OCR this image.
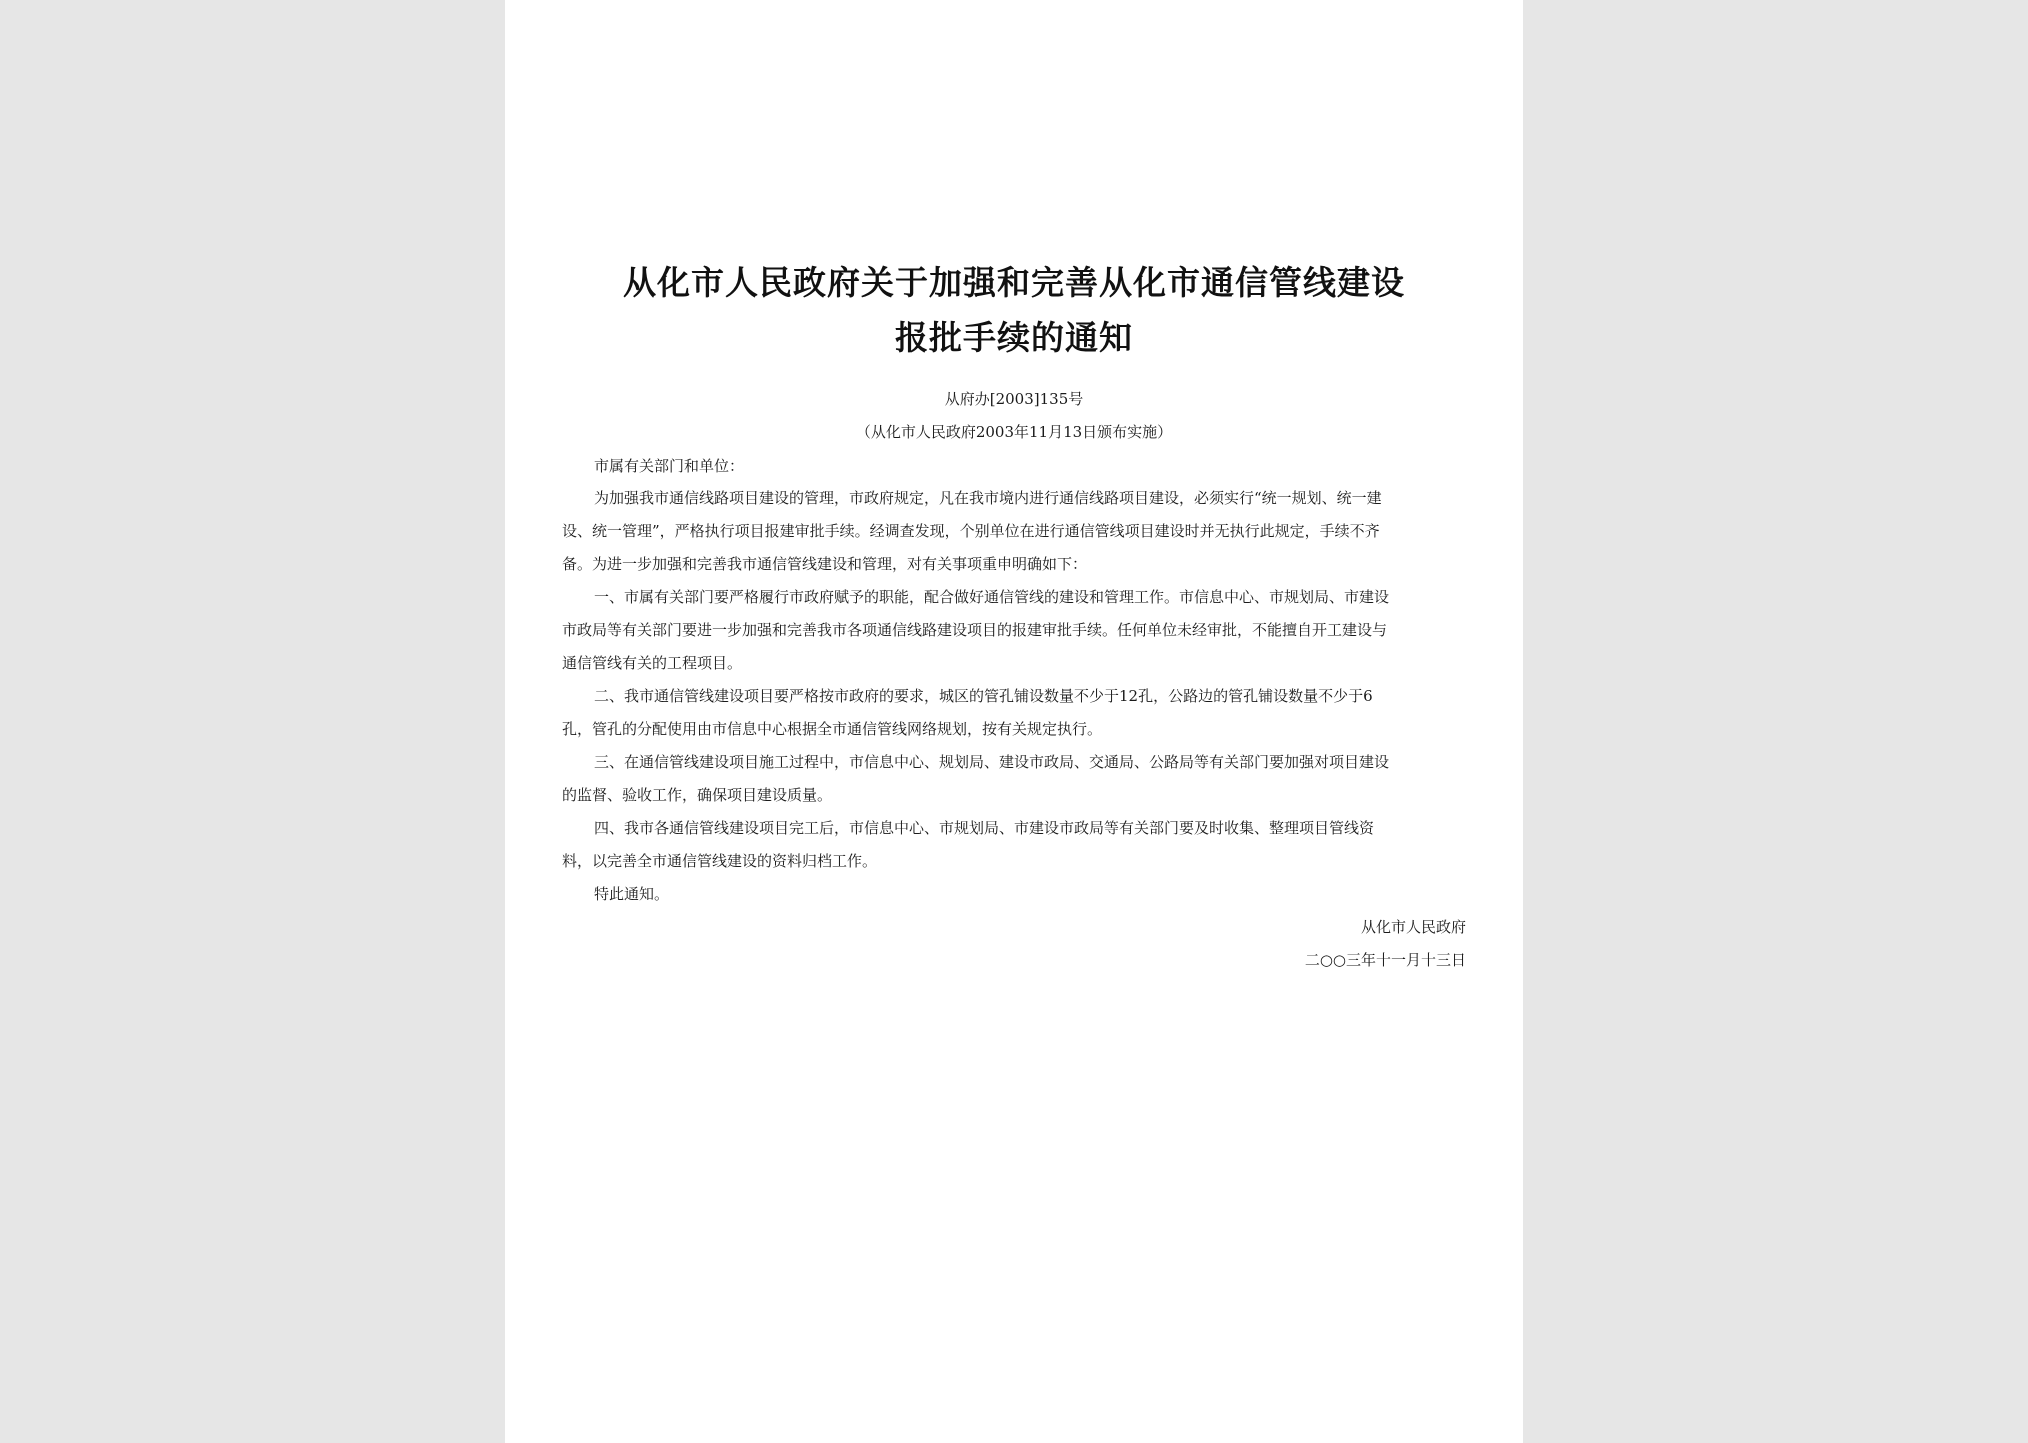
从化市人民政府关于加强和完善从化市通信管线建设
报批手续的通知
从府办[2003]135号
（从化市人民政府2003年11月13日颁布实施）
市属有关部门和单位：
为加强我市通信线路项目建设的管理，市政府规定，凡在我市境内进行通信线路项目建设，必须实行“统一规划、统一建
设、统一管理”，严格执行项目报建审批手续。经调查发现，个别单位在进行通信管线项目建设时并无执行此规定，手续不齐
备。为进一步加强和完善我市通信管线建设和管理，对有关事项重申明确如下：
一、市属有关部门要严格履行市政府赋予的职能，配合做好通信管线的建设和管理工作。市信息中心、市规划局、市建设
市政局等有关部门要进一步加强和完善我市各项通信线路建设项目的报建审批手续。任何单位未经审批，不能擅自开工建设与
通信管线有关的工程项目。
二、我市通信管线建设项目要严格按市政府的要求，城区的管孔铺设数量不少于12孔，公路边的管孔铺设数量不少于6
孔，管孔的分配使用由市信息中心根据全市通信管线网络规划，按有关规定执行。
三、在通信管线建设项目施工过程中，市信息中心、规划局、建设市政局、交通局、公路局等有关部门要加强对项目建设
的监督、验收工作，确保项目建设质量。
四、我市各通信管线建设项目完工后，市信息中心、市规划局、市建设市政局等有关部门要及时收集、整理项目管线资
料，以完善全市通信管线建设的资料归档工作。
特此通知。
从化市人民政府
二○○三年十一月十三日
